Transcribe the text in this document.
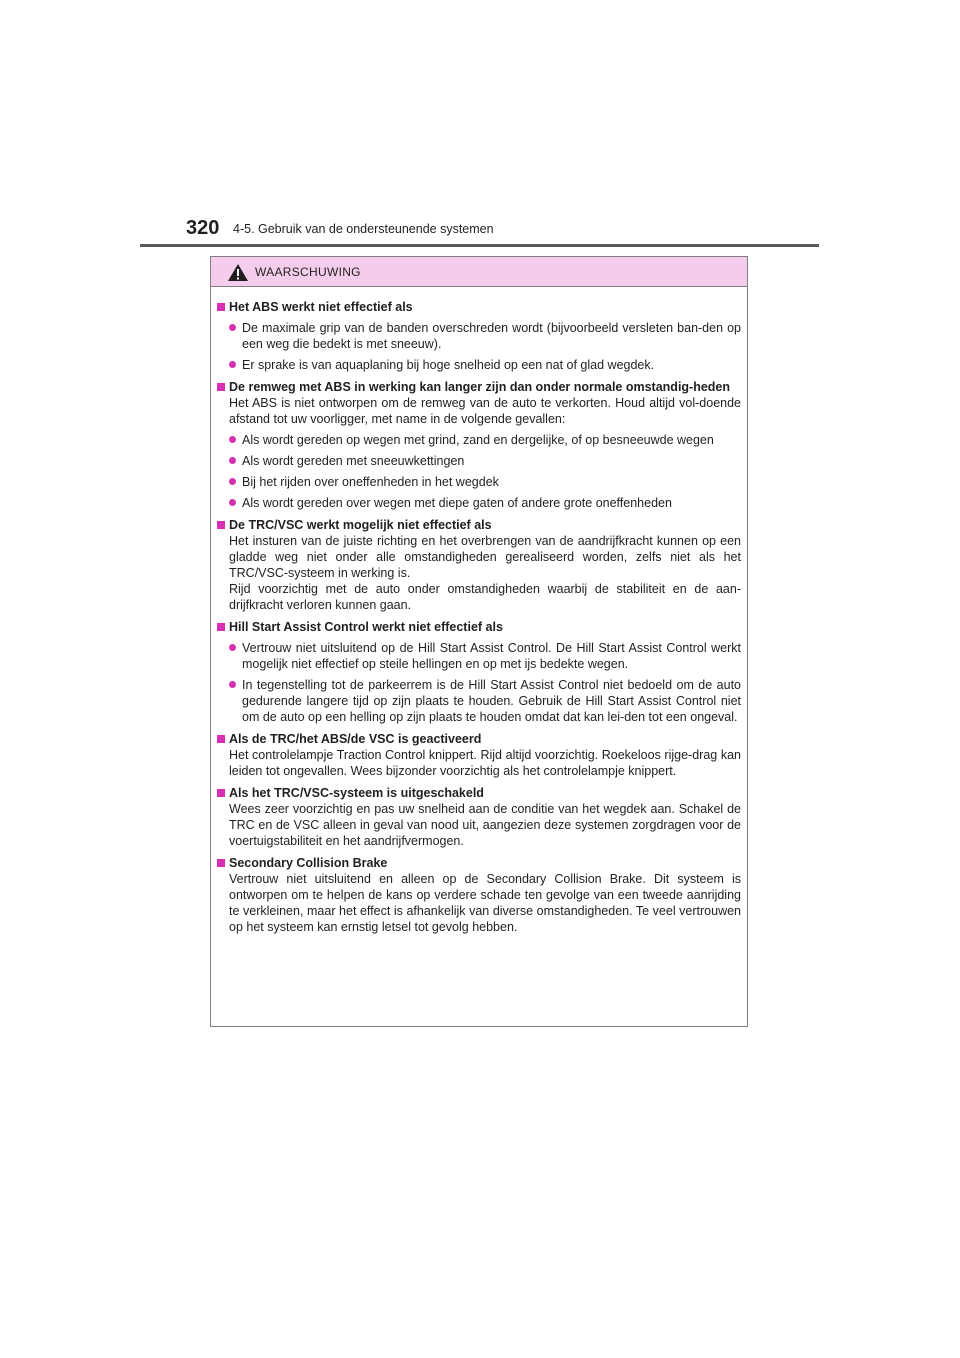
320 4-5. Gebruik van de ondersteunende systemen
WAARSCHUWING
Het ABS werkt niet effectief als
De maximale grip van de banden overschreden wordt (bijvoorbeeld versleten ban-den op een weg die bedekt is met sneeuw).
Er sprake is van aquaplaning bij hoge snelheid op een nat of glad wegdek.
De remweg met ABS in werking kan langer zijn dan onder normale omstandig-heden
Het ABS is niet ontworpen om de remweg van de auto te verkorten. Houd altijd vol-doende afstand tot uw voorligger, met name in de volgende gevallen:
Als wordt gereden op wegen met grind, zand en dergelijke, of op besneeuwde wegen
Als wordt gereden met sneeuwkettingen
Bij het rijden over oneffenheden in het wegdek
Als wordt gereden over wegen met diepe gaten of andere grote oneffenheden
De TRC/VSC werkt mogelijk niet effectief als
Het insturen van de juiste richting en het overbrengen van de aandrijfkracht kunnen op een gladde weg niet onder alle omstandigheden gerealiseerd worden, zelfs niet als het TRC/VSC-systeem in werking is.
Rijd voorzichtig met de auto onder omstandigheden waarbij de stabiliteit en de aan-drijfkracht verloren kunnen gaan.
Hill Start Assist Control werkt niet effectief als
Vertrouw niet uitsluitend op de Hill Start Assist Control. De Hill Start Assist Control werkt mogelijk niet effectief op steile hellingen en op met ijs bedekte wegen.
In tegenstelling tot de parkeerrem is de Hill Start Assist Control niet bedoeld om de auto gedurende langere tijd op zijn plaats te houden. Gebruik de Hill Start Assist Control niet om de auto op een helling op zijn plaats te houden omdat dat kan lei-den tot een ongeval.
Als de TRC/het ABS/de VSC is geactiveerd
Het controlelampje Traction Control knippert. Rijd altijd voorzichtig. Roekeloos rijge-drag kan leiden tot ongevallen. Wees bijzonder voorzichtig als het controlelampje knippert.
Als het TRC/VSC-systeem is uitgeschakeld
Wees zeer voorzichtig en pas uw snelheid aan de conditie van het wegdek aan. Schakel de TRC en de VSC alleen in geval van nood uit, aangezien deze systemen zorgdragen voor de voertuigstabiliteit en het aandrijfvermogen.
Secondary Collision Brake
Vertrouw niet uitsluitend en alleen op de Secondary Collision Brake. Dit systeem is ontworpen om te helpen de kans op verdere schade ten gevolge van een tweede aanrijding te verkleinen, maar het effect is afhankelijk van diverse omstandigheden. Te veel vertrouwen op het systeem kan ernstig letsel tot gevolg hebben.
